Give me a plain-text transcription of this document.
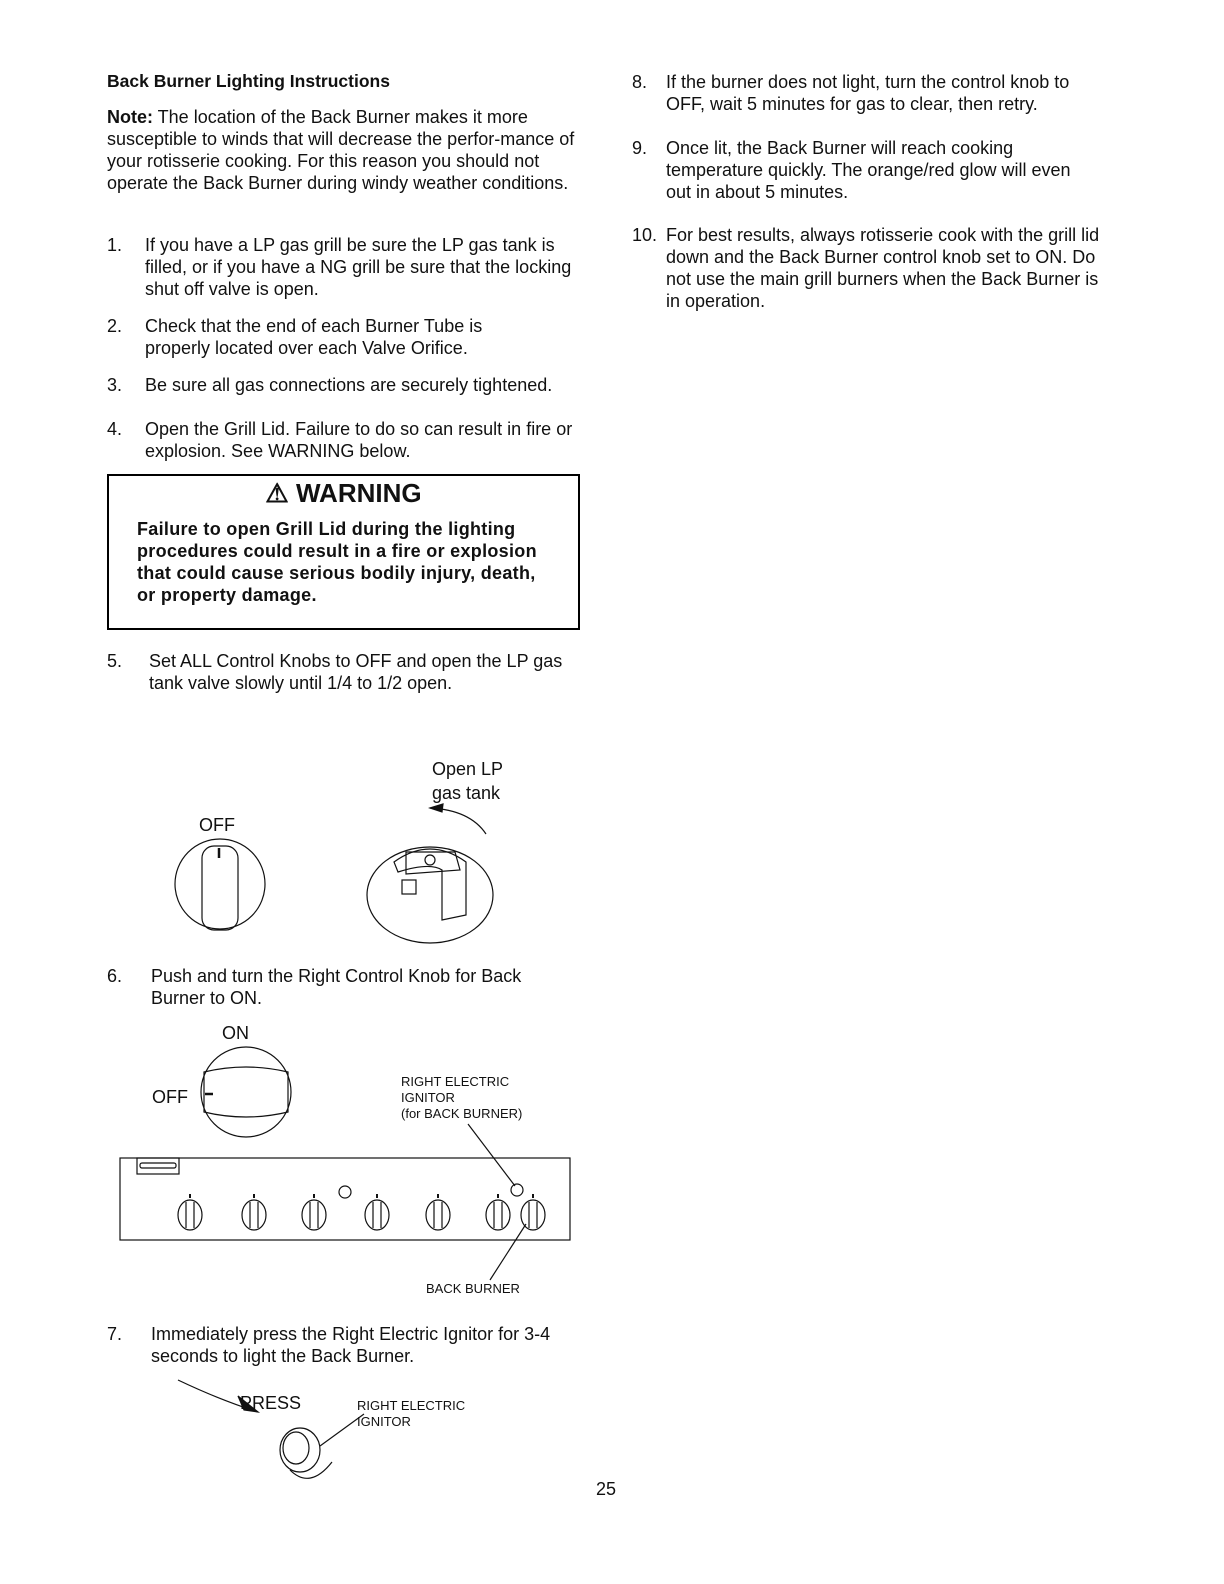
Back Burner Lighting Instructions
Note: The location of the Back Burner makes it more susceptible to winds that will decrease the perfor-mance of your rotisserie cooking. For this reason you should not operate the Back Burner during windy weather conditions.
1.	If you have a LP gas grill be sure the LP gas tank is filled, or if you have a NG grill be sure that the locking shut off valve is open.
2.	Check that the end of each Burner Tube is properly located over each Valve Orifice.
3.	Be sure all gas connections are securely tightened.
4.	Open the Grill Lid. Failure to do so can result in fire or explosion. See WARNING below.
⚠ WARNING
Failure to open Grill Lid during the lighting procedures could result in a fire or explosion that could cause serious bodily injury, death, or property damage.
5.	Set ALL Control Knobs to OFF and open the LP gas tank valve slowly until 1/4 to 1/2 open.
Open LP
gas tank
OFF
6.	Push and turn the Right Control Knob for Back Burner to ON.
ON
OFF
RIGHT ELECTRIC
IGNITOR
(for BACK BURNER)
BACK BURNER
7.	Immediately press the Right Electric Ignitor for 3-4 seconds to light the Back Burner.
PRESS	RIGHT ELECTRIC
IGNITOR
8.	If the burner does not light, turn the control knob to OFF, wait 5 minutes for gas to clear, then retry.
9.	Once lit, the Back Burner will reach cooking temperature quickly. The orange/red glow will even out in about 5 minutes.
10. For best results, always rotisserie cook with the grill lid down and the Back Burner control knob set to ON. Do not use the main grill burners when the Back Burner is in operation.
25
